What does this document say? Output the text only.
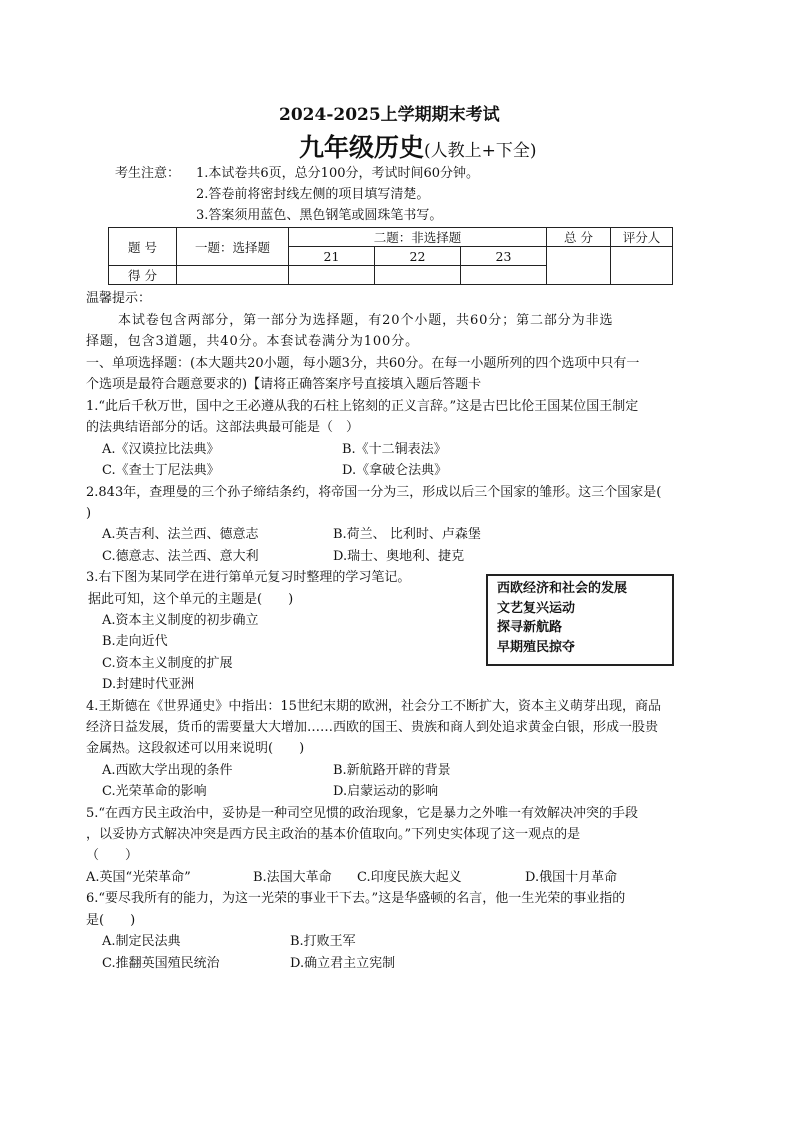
2024-2025上学期期末考试
九年级历史(人教上+下全)
考生注意： 1.本试卷共6页，总分100分，考试时间60分钟。
2.答卷前将密封线左侧的项目填写清楚。
3.答案须用蓝色、黑色钢笔或圆珠笔书写。
题 号	一题：选择题	二题：非选择题			总 分	评分人
		21	22	23		
得 分						
温馨提示：
本试卷包含两部分，第一部分为选择题，有20个小题，共60分；第二部分为非选
择题，包含3道题，共40分。本套试卷满分为100分。
一、单项选择题：(本大题共20小题，每小题3分，共60分。在每一小题所列的四个选项中只有一
个选项是最符合题意要求的)【请将正确答案序号直接填入题后答题卡
1.“此后千秋万世，国中之王必遵从我的石柱上铭刻的正义言辞。”这是古巴比伦王国某位国王制定
的法典结语部分的话。这部法典最可能是（　）
A.《汉谟拉比法典》	B.《十二铜表法》
C.《查士丁尼法典》	D.《拿破仑法典》
2.843年，查理曼的三个孙子缔结条约，将帝国一分为三，形成以后三个国家的雏形。这三个国家是(
)
A.英吉利、法兰西、德意志	B.荷兰、 比利时、卢森堡
C.德意志、法兰西、意大利	D.瑞士、奥地利、捷克
3.右下图为某同学在进行第单元复习时整理的学习笔记。
据此可知，这个单元的主题是(　　)
A.资本主义制度的初步确立
B.走向近代
C.资本主义制度的扩展
D.封建时代亚洲
西欧经济和社会的发展
文艺复兴运动
探寻新航路
早期殖民掠夺
4.王斯德在《世界通史》中指出：15世纪末期的欧洲，社会分工不断扩大，资本主义萌芽出现，商品
经济日益发展，货币的需要量大大增加……西欧的国王、贵族和商人到处追求黄金白银，形成一股贵
金属热。这段叙述可以用来说明(　　)
A.西欧大学出现的条件	B.新航路开辟的背景
C.光荣革命的影响	D.启蒙运动的影响
5.“在西方民主政治中，妥协是一种司空见惯的政治现象，它是暴力之外唯一有效解决冲突的手段
，以妥协方式解决冲突是西方民主政治的基本价值取向。”下列史实体现了这一观点的是
（　　）
A.英国“光荣革命”	B.法国大革命 C.印度民族大起义	D.俄国十月革命
6.“要尽我所有的能力，为这一光荣的事业干下去。”这是华盛顿的名言，他一生光荣的事业指的
是(　　)
A.制定民法典	B.打败王军
C.推翻英国殖民统治	D.确立君主立宪制
